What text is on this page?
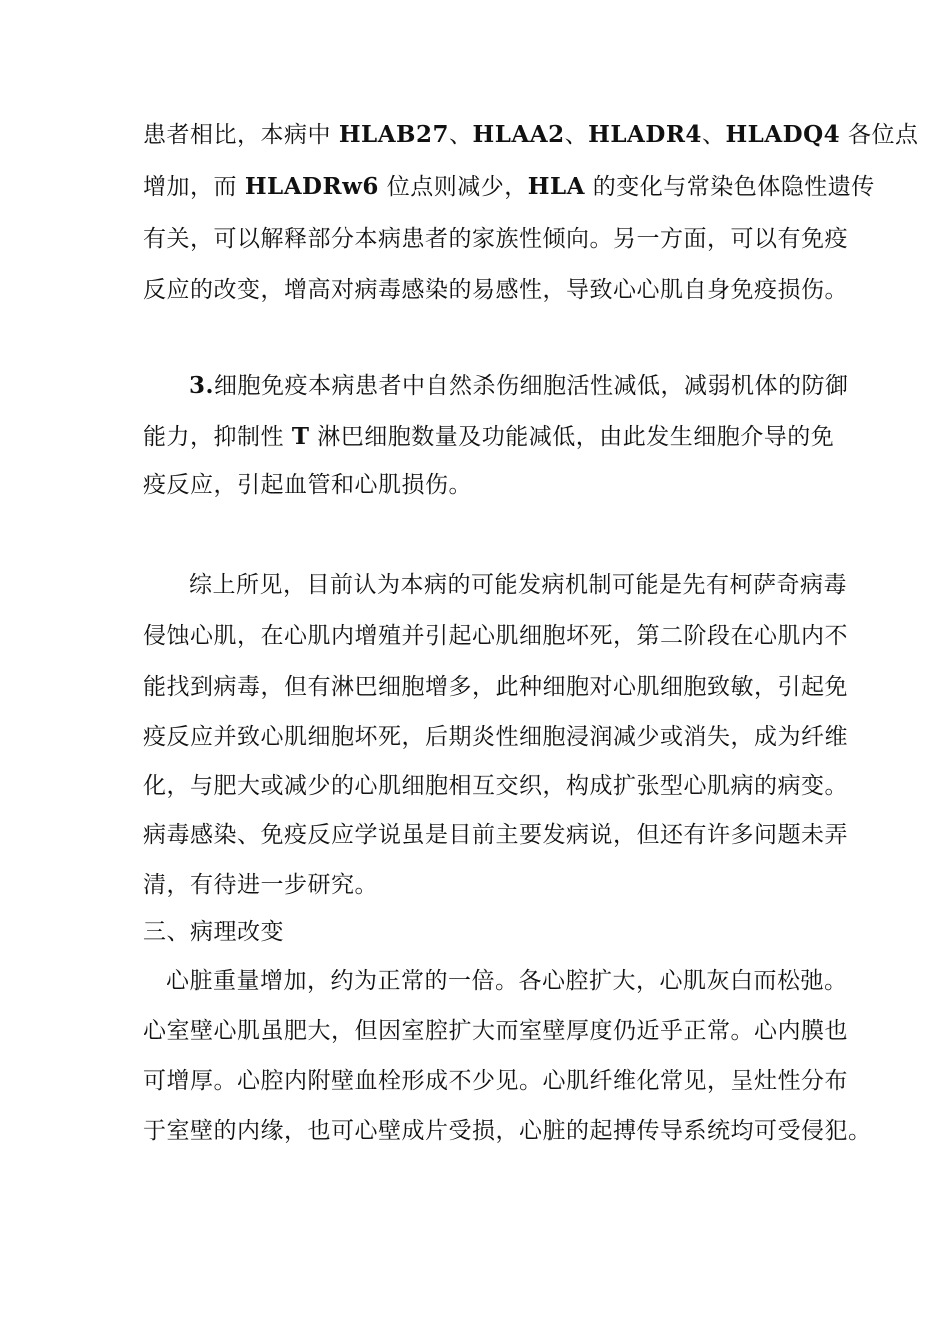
患者相比，本病中 HLAB27、HLAA2、HLADR4、HLADQ4 各位点
增加，而 HLADRw6 位点则减少，HLA 的变化与常染色体隐性遗传
有关，可以解释部分本病患者的家族性倾向。另一方面，可以有免疫
反应的改变，增高对病毒感染的易感性，导致心心肌自身免疫损伤。
3.细胞免疫本病患者中自然杀伤细胞活性减低，减弱机体的防御
能力，抑制性 T 淋巴细胞数量及功能减低，由此发生细胞介导的免
疫反应，引起血管和心肌损伤。
综上所见，目前认为本病的可能发病机制可能是先有柯萨奇病毒
侵蚀心肌，在心肌内增殖并引起心肌细胞坏死，第二阶段在心肌内不
能找到病毒，但有淋巴细胞增多，此种细胞对心肌细胞致敏，引起免
疫反应并致心肌细胞坏死，后期炎性细胞浸润减少或消失，成为纤维
化，与肥大或减少的心肌细胞相互交织，构成扩张型心肌病的病变。
病毒感染、免疫反应学说虽是目前主要发病说，但还有许多问题未弄
清，有待进一步研究。
三、病理改变
心脏重量增加，约为正常的一倍。各心腔扩大，心肌灰白而松弛。
心室壁心肌虽肥大，但因室腔扩大而室壁厚度仍近乎正常。心内膜也
可增厚。心腔内附壁血栓形成不少见。心肌纤维化常见，呈灶性分布
于室壁的内缘，也可心壁成片受损，心脏的起搏传导系统均可受侵犯。
